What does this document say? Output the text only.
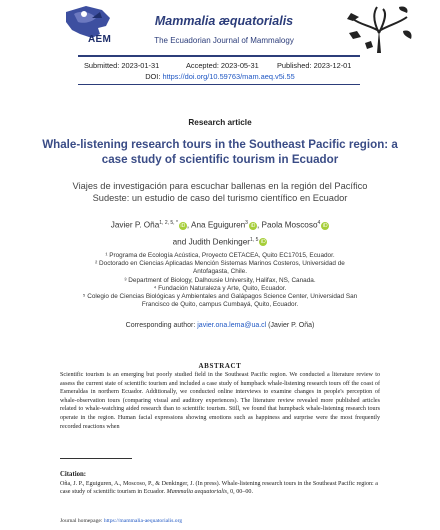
AEM
Mammalia æquatorialis
The Ecuadorian Journal of Mammalogy
Submitted: 2023-01-31	Accepted: 2023-05-31 Published: 2023-12-01
DOI: https://doi.org/10.59763/mam.aeq.v5i.55
Research article
Whale-listening research tours in the Southeast Pacific region: a case study of scientific tourism in Ecuador
Viajes de investigación para escuchar ballenas en la región del Pacífico Sudeste: un estudio de caso del turismo científico en Ecuador
Javier P. Oña$^{1, 2, 5, *}$ iD , Ana Eguiguren$^3$ iD , Paola Moscoso$^4$ iD
and Judith Denkinger$^{1, 5}$ iD
¹ Programa de Ecología Acústica, Proyecto CETACEA, Quito EC17015, Ecuador.
² Doctorado en Ciencias Aplicadas Mención Sistemas Marinos Costeros, Universidad de Antofagasta, Chile.
³ Department of Biology, Dalhousie University, Halifax, NS, Canada.
⁴ Fundación Naturaleza y Arte, Quito, Ecuador.
⁵ Colegio de Ciencias Biológicas y Ambientales and Galápagos Science Center, Universidad San Francisco de Quito, campus Cumbayá, Quito, Ecuador.
Corresponding author: javier.ona.lema@ua.cl (Javier P. Oña)
ABSTRACT
Scientific tourism is an emerging but poorly studied field in the Southeast Pacific region. We conducted a literature review to assess the current state of scientific tourism and included a case study of humpback whale-listening research tours off the coast of Esmeraldas in northern Ecuador. Additionally, we conducted online interviews to examine changes in people's perception of whale-observation tours (comparing visual and auditory experiences). The literature review revealed more published articles related to whale-watching aided research than to scientific tourism. Still, we found that humpback whale-listening research tours operate in the region. Human facial expressions showing emotions such as happiness and surprise were the most frequently recorded reactions when
Citation:
Oña, J. P., Eguiguren, A., Moscoso, P., & Denkinger, J. (In press). Whale-listening research tours in the Southeast Pacific region: a case study of scientific tourism in Ecuador. Mammalia aequatorialis, 0, 00–00.
Journal homepage: https://mammalia-aequatorialis.org
